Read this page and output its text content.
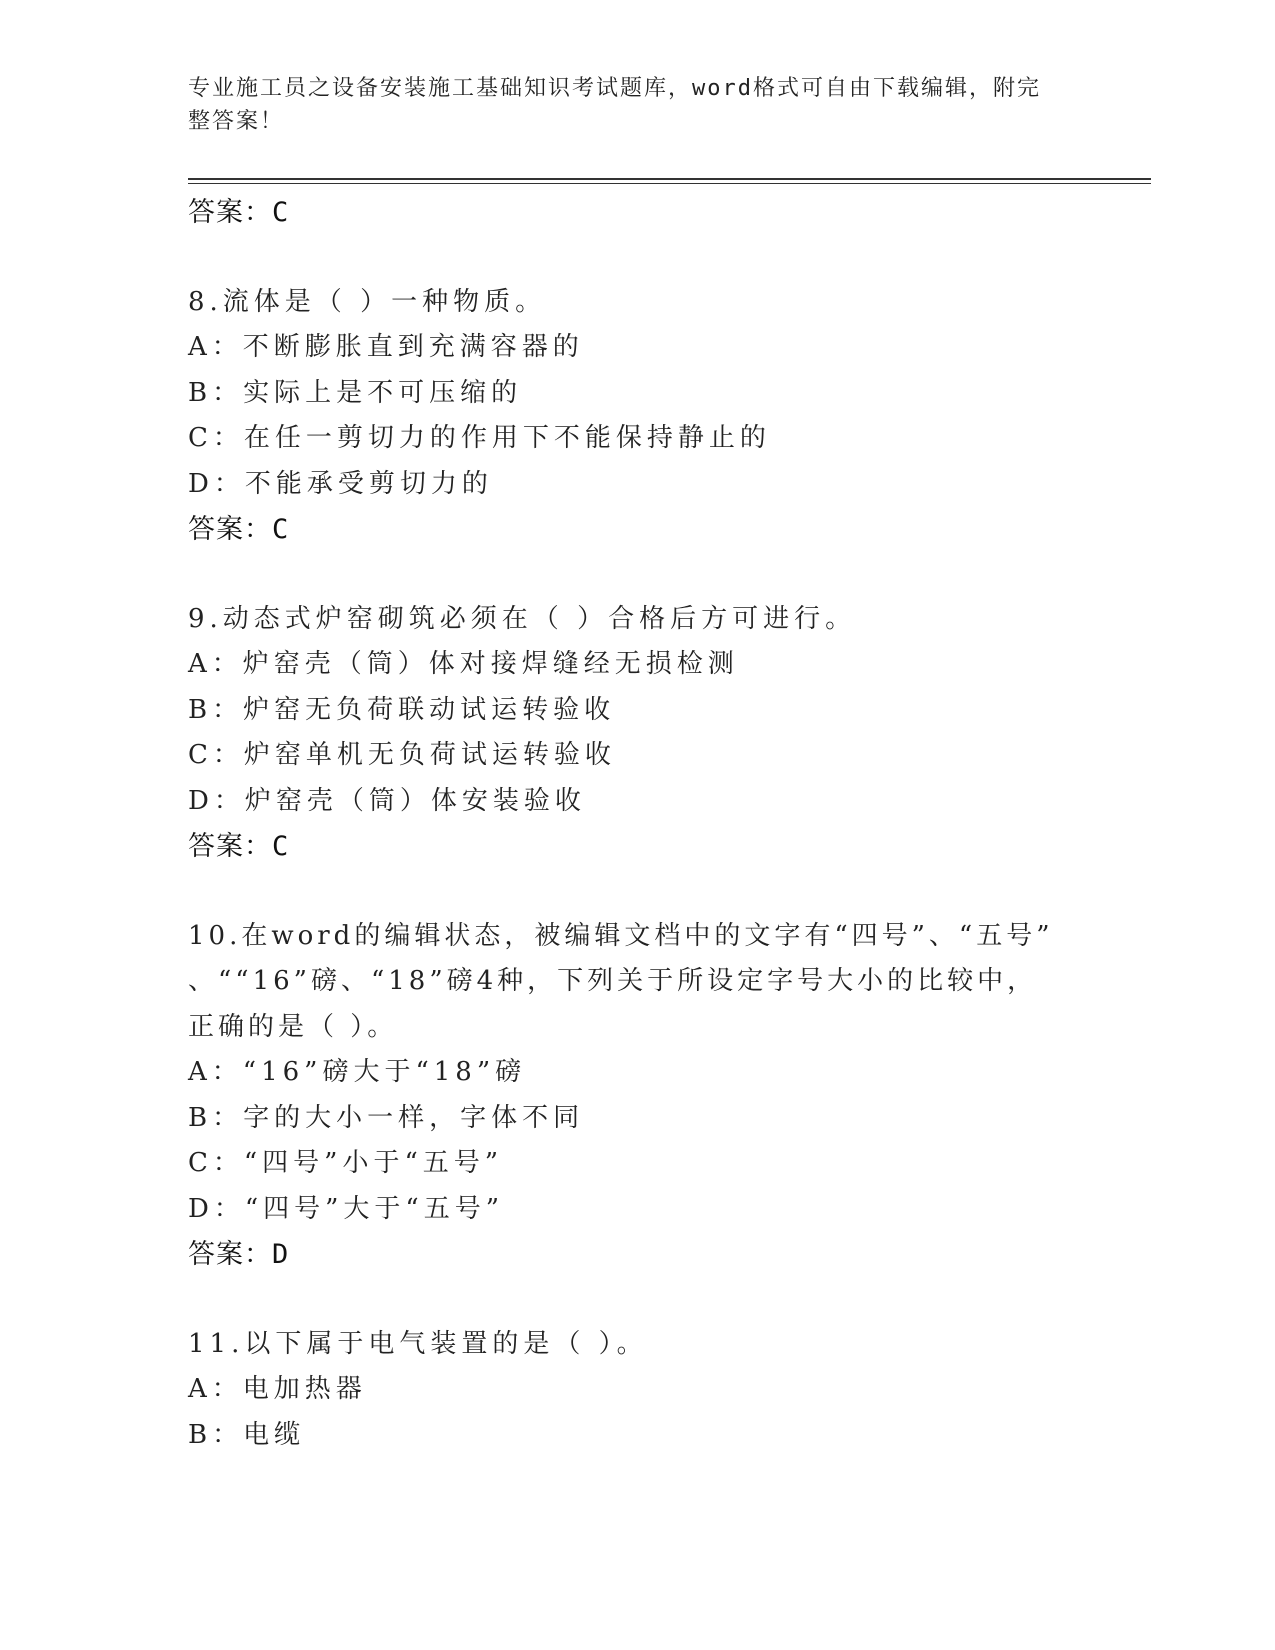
专业施工员之设备安装施工基础知识考试题库，word格式可自由下载编辑，附完
整答案！
答案：C
8.流体是（ ）一种物质。
A：不断膨胀直到充满容器的
B：实际上是不可压缩的
C：在任一剪切力的作用下不能保持静止的
D：不能承受剪切力的
答案：C
9.动态式炉窑砌筑必须在（ ）合格后方可进行。
A：炉窑壳（筒）体对接焊缝经无损检测
B：炉窑无负荷联动试运转验收
C：炉窑单机无负荷试运转验收
D：炉窑壳（筒）体安装验收
答案：C
10.在word的编辑状态，被编辑文档中的文字有“四号”、“五号”
、““16”磅、“18”磅4种，下列关于所设定字号大小的比较中，
正确的是（ ）。
A：“16”磅大于“18”磅
B：字的大小一样，字体不同
C：“四号”小于“五号”
D：“四号”大于“五号”
答案：D
11.以下属于电气装置的是（ ）。
A：电加热器
B：电缆
